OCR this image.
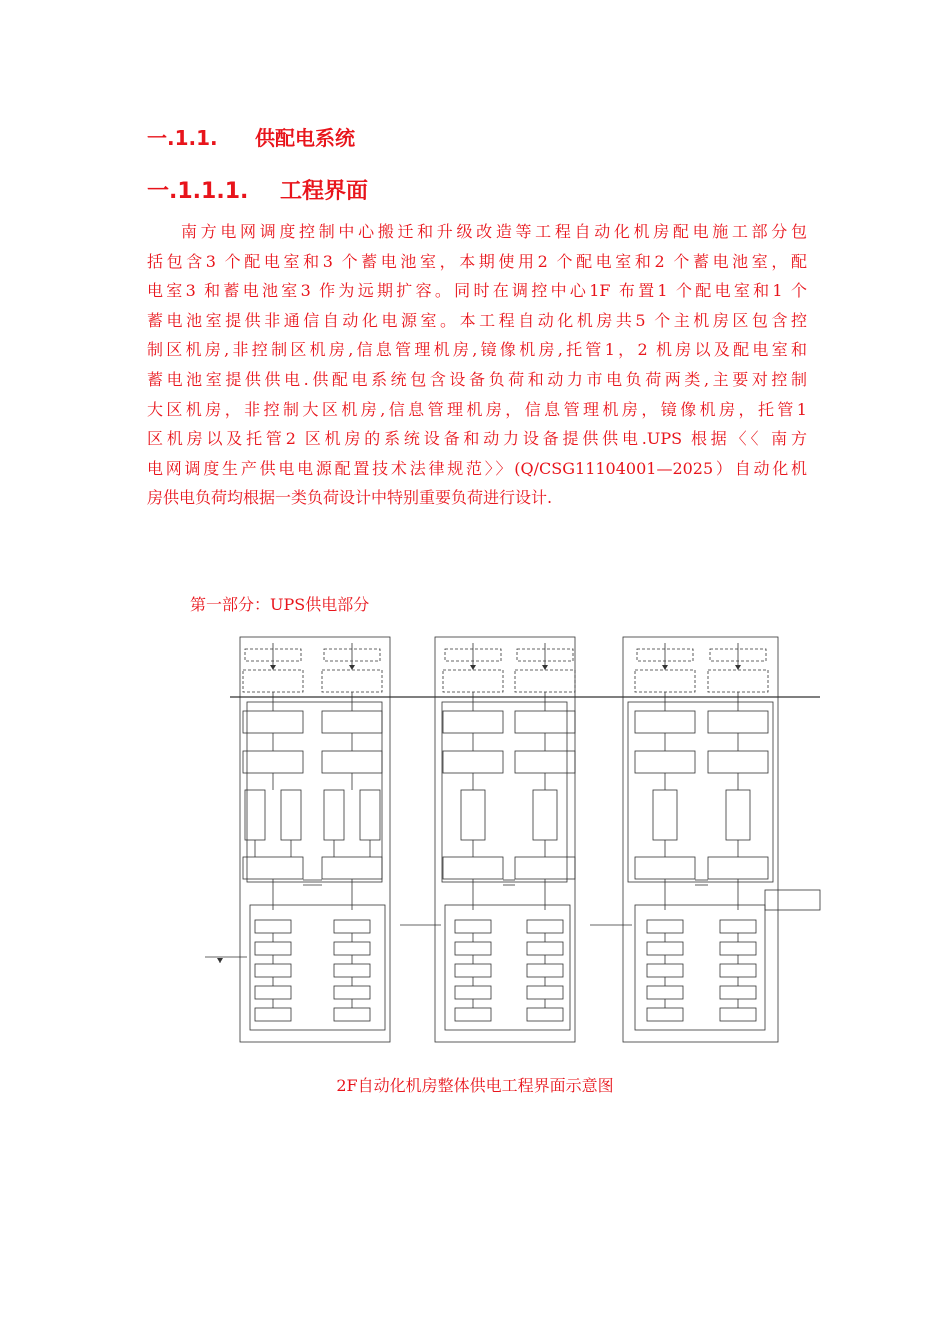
一.1.1. 供配电系统
一.1.1.1. 工程界面
南方电网调度控制中心搬迁和升级改造等工程自动化机房配电施工部分包
括包含3 个配电室和3 个蓄电池室，本期使用2 个配电室和2 个蓄电池室，配
电室3 和蓄电池室3 作为远期扩容。同时在调控中心1F 布置1 个配电室和1 个
蓄电池室提供非通信自动化电源室。本工程自动化机房共5 个主机房区包含控
制区机房,非控制区机房,信息管理机房,镜像机房,托管1，2 机房以及配电室和
蓄电池室提供供电.供配电系统包含设备负荷和动力市电负荷两类,主要对控制
大区机房，非控制大区机房,信息管理机房，信息管理机房，镜像机房，托管1
区机房以及托管2 区机房的系统设备和动力设备提供供电.UPS 根据〈〈 南方
电网调度生产供电电源配置技术法律规范〉〉(Q/CSG11104001—2025）自动化机
房供电负荷均根据一类负荷设计中特别重要负荷进行设计.
第一部分：UPS供电部分
2F自动化机房整体供电工程界面示意图
